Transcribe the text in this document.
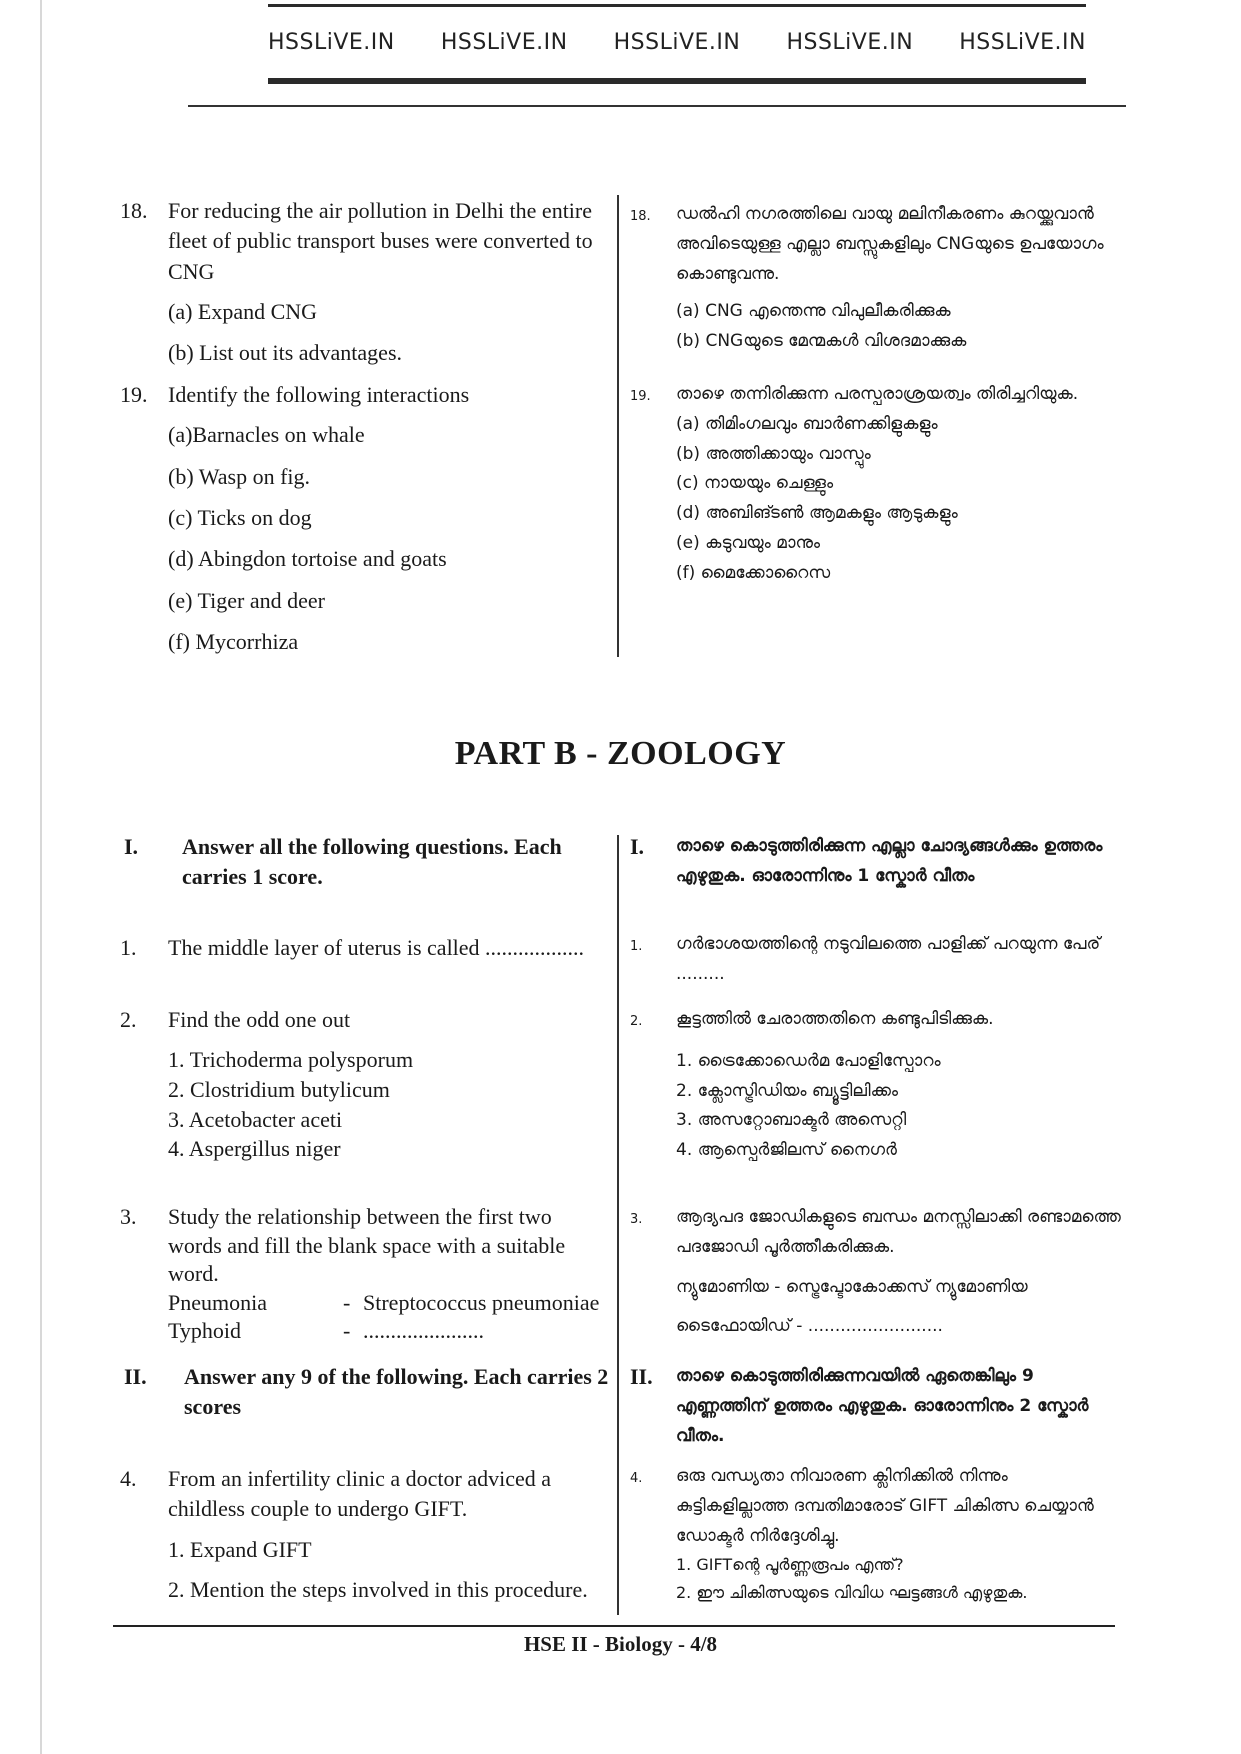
HSSLiVE.IN HSSLiVE.IN HSSLiVE.IN HSSLiVE.IN HSSLiVE.IN
18. For reducing the air pollution in Delhi the entire fleet of public transport buses were converted to CNG
(a) Expand CNG
(b) List out its advantages.
18. ഡൽഹി നഗരത്തിലെ വായു മലിനീകരണം കുറയ്ക്കുവാൻ അവിടെയുള്ള എല്ലാ ബസ്സുകളിലും CNGയുടെ ഉപയോഗം കൊണ്ടുവന്നു.
(a) CNG എന്തെന്നു വിപുലീകരിക്കുക
(b) CNGയുടെ മേന്മകൾ വിശദമാക്കുക
19. Identify the following interactions
(a)Barnacles on whale
(b) Wasp on fig.
(c) Ticks on dog
(d) Abingdon tortoise and goats
(e) Tiger and deer
(f) Mycorrhiza
19. താഴെ തന്നിരിക്കുന്ന പരസ്പരാശ്രയത്വം തിരിച്ചറിയുക.
(a) തിമിംഗലവും ബാർണക്കിളുകളും
(b) അത്തിക്കായും വാസ്പും
(c) നായയും ചെള്ളും
(d) അബിങ്ടൺ ആമകളും ആടുകളും
(e) കടുവയും മാനും
(f) മൈക്കോറൈസ
PART B - ZOOLOGY
I. Answer all the following questions. Each carries 1 score.
I. താഴെ കൊടുത്തിരിക്കുന്ന എല്ലാ ചോദ്യങ്ങൾക്കും ഉത്തരം എഴുതുക. ഓരോന്നിനും 1 സ്കോർ വീതം
1. The middle layer of uterus is called ..................	1. ഗർഭാശയത്തിന്റെ നടുവിലത്തെ പാളിക്ക് പറയുന്ന പേര് .........
2. Find the odd one out
1. Trichoderma polysporum
2. Clostridium butylicum
3. Acetobacter aceti
4. Aspergillus niger
2. കൂട്ടത്തിൽ ചേരാത്തതിനെ കണ്ടുപിടിക്കുക.
1. ട്രൈക്കോഡെർമ പോളിസ്പോറം
2. ക്ലോസ്ട്രിഡിയം ബ്യൂട്ടിലിക്കം
3. അസറ്റോബാക്ടർ അസെറ്റി
4. ആസ്പെർജിലസ് നൈഗർ
3. Study the relationship between the first two words and fill the blank space with a suitable word.
Pneumonia	- Streptococcus pneumoniae
Typhoid	- ......................
3. ആദ്യപദ ജോഡികളുടെ ബന്ധം മനസ്സിലാക്കി രണ്ടാമത്തെ പദജോഡി പൂർത്തീകരിക്കുക.
ന്യുമോണിയ - സ്ട്രെപ്ടോകോക്കസ് ന്യുമോണിയ
ടൈഫോയിഡ് - .........................
II. Answer any 9 of the following. Each carries 2 scores
II. താഴെ കൊടുത്തിരിക്കുന്നവയിൽ ഏതെങ്കിലും 9 എണ്ണത്തിന് ഉത്തരം എഴുതുക. ഓരോന്നിനും 2 സ്കോർ വീതം.
4. From an infertility clinic a doctor adviced a childless couple to undergo GIFT.
1. Expand GIFT
2. Mention the steps involved in this procedure.
4. ഒരു വന്ധ്യതാ നിവാരണ ക്ലിനിക്കിൽ നിന്നും കുട്ടികളില്ലാത്ത ദമ്പതിമാരോട് GIFT ചികിത്സ ചെയ്യാൻ ഡോക്ടർ നിർദ്ദേശിച്ചു.
1. GIFTന്റെ പൂർണ്ണരൂപം എന്ത്?
2. ഈ ചികിത്സയുടെ വിവിധ ഘട്ടങ്ങൾ എഴുതുക.
HSE II - Biology - 4/8
